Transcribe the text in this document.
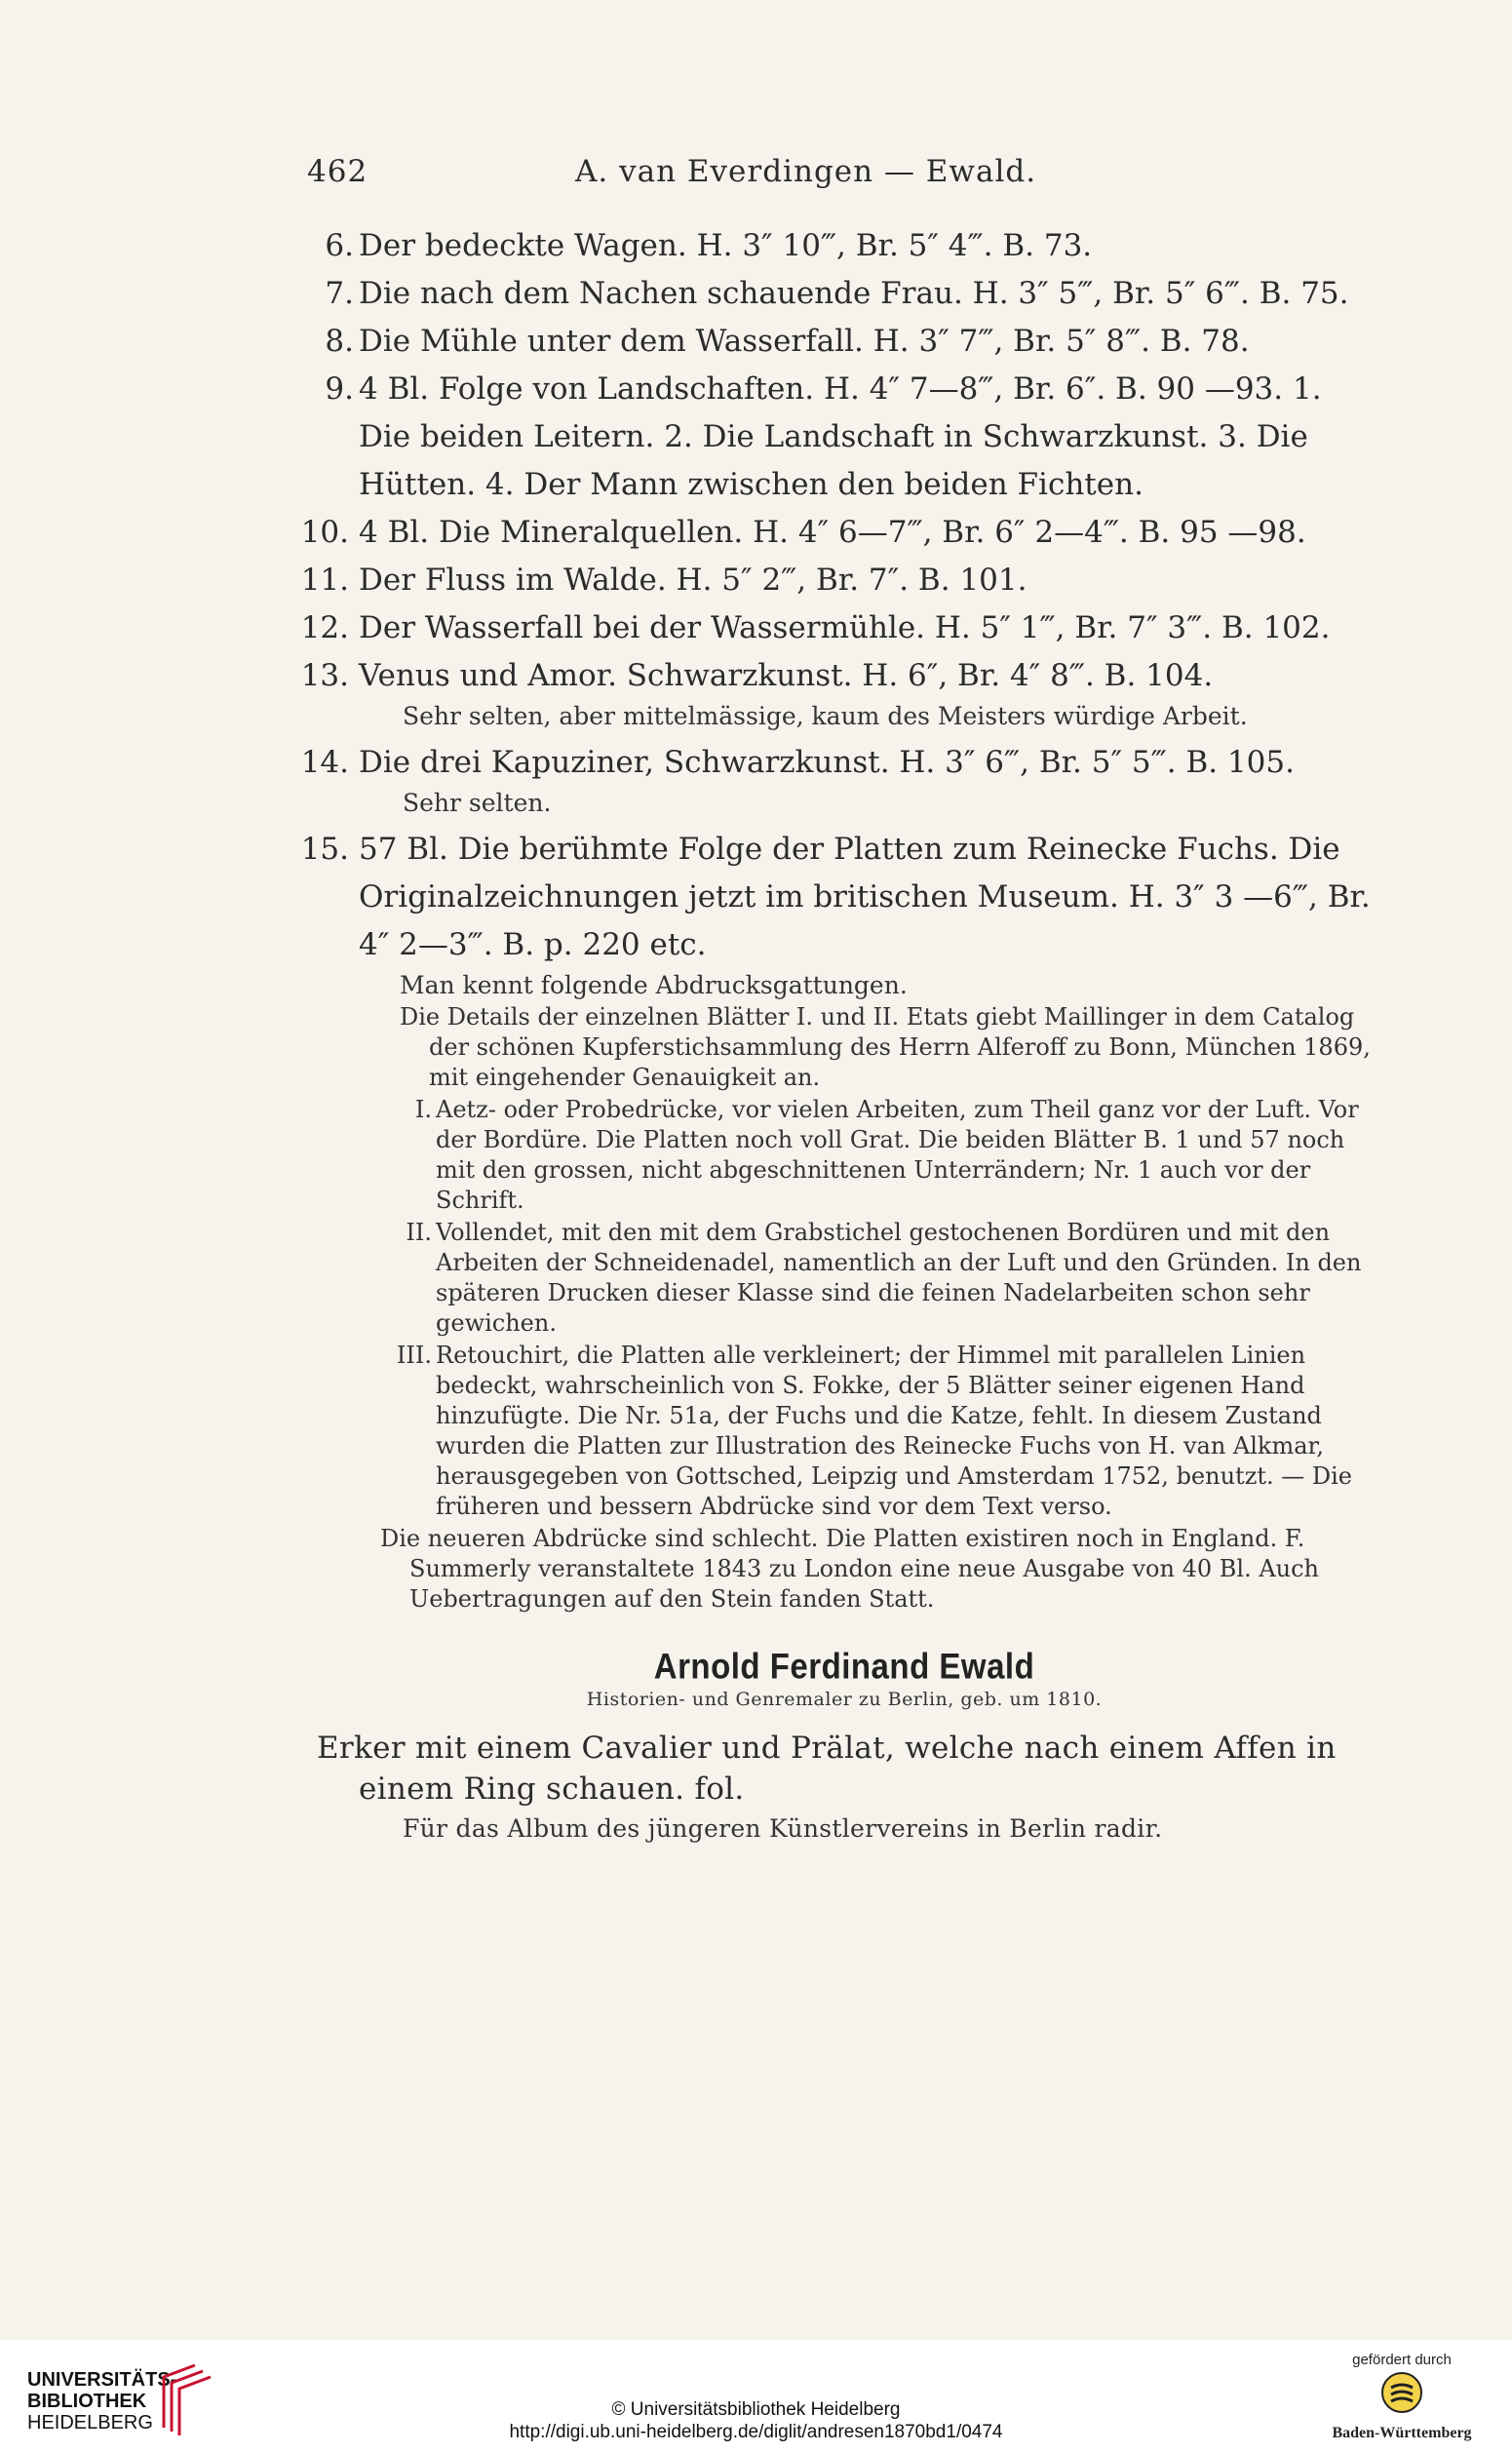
462	A. van Everdingen — Ewald.
6. Der bedeckte Wagen. H. 3″ 10‴, Br. 5″ 4‴. B. 73.
7. Die nach dem Nachen schauende Frau. H. 3″ 5‴, Br. 5″ 6‴. B. 75.
8. Die Mühle unter dem Wasserfall. H. 3″ 7‴, Br. 5″ 8‴. B. 78.
9. 4 Bl. Folge von Landschaften. H. 4″ 7—8‴, Br. 6″. B. 90 —93. 1. Die beiden Leitern. 2. Die Landschaft in Schwarzkunst. 3. Die Hütten. 4. Der Mann zwischen den beiden Fichten.
10. 4 Bl. Die Mineralquellen. H. 4″ 6—7‴, Br. 6″ 2—4‴. B. 95 —98.
11. Der Fluss im Walde. H. 5″ 2‴, Br. 7″. B. 101.
12. Der Wasserfall bei der Wassermühle. H. 5″ 1‴, Br. 7″ 3‴. B. 102.
13. Venus und Amor. Schwarzkunst. H. 6″, Br. 4″ 8‴. B. 104.

Sehr selten, aber mittelmässige, kaum des Meisters würdige Arbeit.

14. Die drei Kapuziner, Schwarzkunst. H. 3″ 6‴, Br. 5″ 5‴. B. 105.

Sehr selten.

15. 57 Bl. Die berühmte Folge der Platten zum Reinecke Fuchs. Die Originalzeichnungen jetzt im britischen Museum. H. 3″ 3 —6‴, Br. 4″ 2—3‴. B. p. 220 etc.

Man kennt folgende Abdrucksgattungen.

Die Details der einzelnen Blätter I. und II. Etats giebt Maillinger in dem Catalog der schönen Kupferstichsammlung des Herrn Alferoff zu Bonn, München 1869, mit eingehender Genauigkeit an.

I. Aetz- oder Probedrücke, vor vielen Arbeiten, zum Theil ganz vor der Luft. Vor der Bordüre. Die Platten noch voll Grat. Die beiden Blätter B. 1 und 57 noch mit den grossen, nicht abgeschnittenen Unterrändern; Nr. 1 auch vor der Schrift.
II. Vollendet, mit den mit dem Grabstichel gestochenen Bordüren und mit den Arbeiten der Schneidenadel, namentlich an der Luft und den Gründen. In den späteren Drucken dieser Klasse sind die feinen Nadelarbeiten schon sehr gewichen.
III. Retouchirt, die Platten alle verkleinert; der Himmel mit parallelen Linien bedeckt, wahrscheinlich von S. Fokke, der 5 Blätter seiner eigenen Hand hinzufügte. Die Nr. 51a, der Fuchs und die Katze, fehlt. In diesem Zustand wurden die Platten zur Illustration des Reinecke Fuchs von H. van Alkmar, herausgegeben von Gottsched, Leipzig und Amsterdam 1752, benutzt. — Die früheren und bessern Abdrücke sind vor dem Text verso.

Die neueren Abdrücke sind schlecht. Die Platten existiren noch in England. F. Summerly veranstaltete 1843 zu London eine neue Ausgabe von 40 Bl. Auch Uebertragungen auf den Stein fanden Statt.

Arnold Ferdinand Ewald
Historien- und Genremaler zu Berlin, geb. um 1810.

Erker mit einem Cavalier und Prälat, welche nach einem Affen in einem Ring schauen. fol.

Für das Album des jüngeren Künstlervereins in Berlin radir.
UNIVERSITÄTS-
BIBLIOTHEK
HEIDELBERG
© Universitätsbibliothek Heidelberg
http://digi.ub.uni-heidelberg.de/diglit/andresen1870bd1/0474
gefördert durch
Baden-Württemberg
